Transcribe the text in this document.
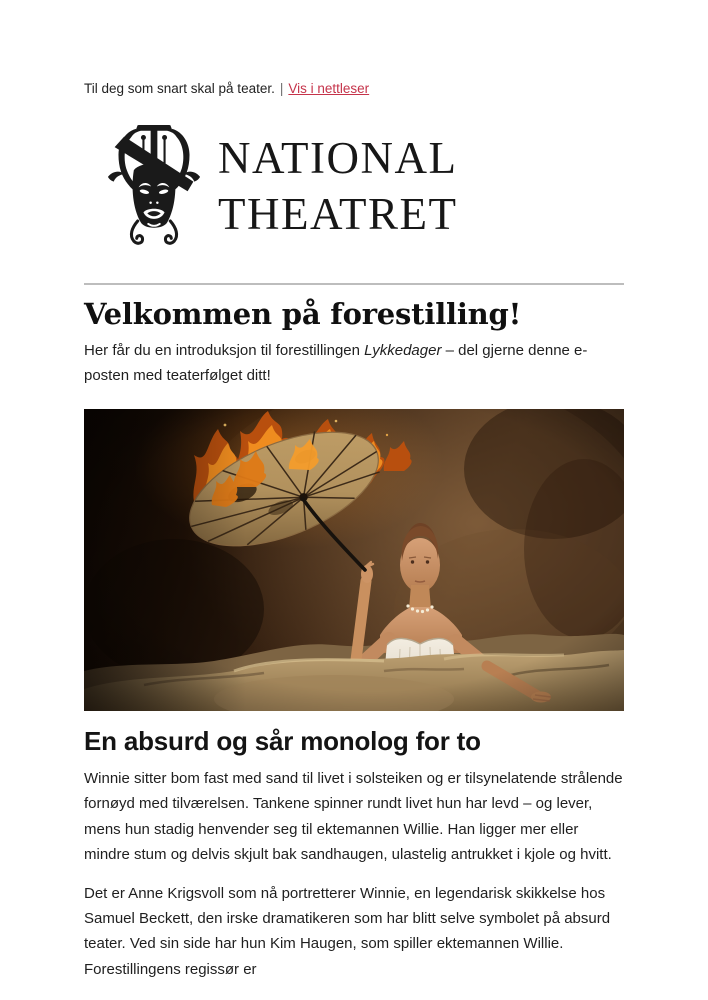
Til deg som snart skal på teater. | Vis i nettleser
NATIONAL
THEATRET
Velkommen på forestilling!

Her får du en introduksjon til forestillingen Lykkedager – del gjerne denne e-posten med teaterfølget ditt!

En absurd og sår monolog for to

Winnie sitter bom fast med sand til livet i solsteiken og er tilsynelatende strålende fornøyd med tilværelsen. Tankene spinner rundt livet hun har levd – og lever, mens hun stadig henvender seg til ektemannen Willie. Han ligger mer eller mindre stum og delvis skjult bak sandhaugen, ulastelig antrukket i kjole og hvitt.

Det er Anne Krigsvoll som nå portretterer Winnie, en legendarisk skikkelse hos Samuel Beckett, den irske dramatikeren som har blitt selve symbolet på absurd teater. Ved sin side har hun Kim Haugen, som spiller ektemannen Willie. Forestillingens regissør er
